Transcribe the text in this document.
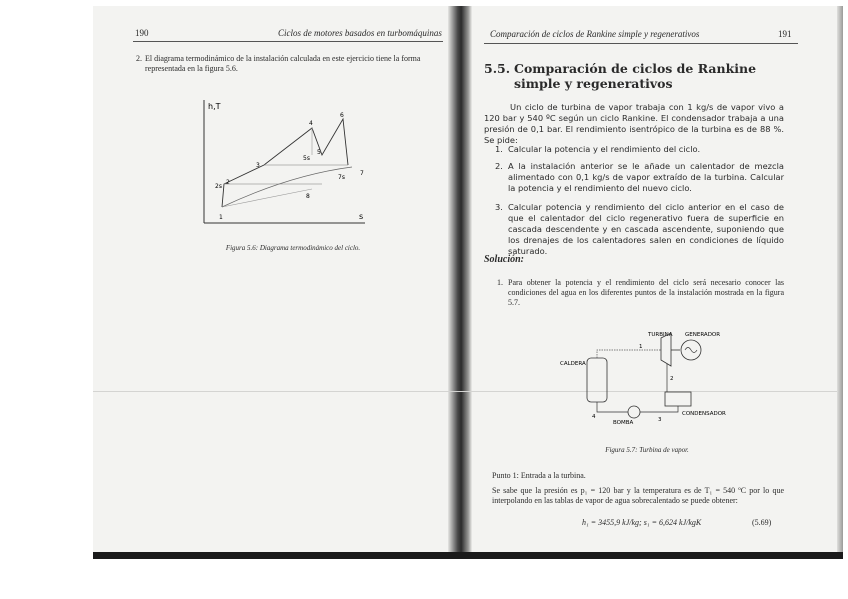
190	Ciclos de motores basados en turbomáquinas
2. El diagrama termodinámico de la instalación calculada en este ejercicio tiene la forma representada en la figura 5.6.
h,T
s
1
2
2s
3
4
5
5s
6
7
7s
8
Figura 5.6: Diagrama termodinámico del ciclo.
Comparación de ciclos de Rankine simple y regenerativos	191
5.5. Comparación de ciclos de Rankine simple y regenerativos
Un ciclo de turbina de vapor trabaja con 1 kg/s de vapor vivo a 120 bar y 540 ºC según un ciclo Rankine. El condensador trabaja a una presión de 0,1 bar. El rendimiento isentrópico de la turbina es de 88 %. Se pide:
1. Calcular la potencia y el rendimiento del ciclo.
2. A la instalación anterior se le añade un calentador de mezcla alimentado con 0,1 kg/s de vapor extraído de la turbina. Calcular la potencia y el rendimiento del nuevo ciclo.
3. Calcular potencia y rendimiento del ciclo anterior en el caso de que el calentador del ciclo regenerativo fuera de superficie en cascada descendente y en cascada ascendente, suponiendo que los drenajes de los calentadores salen en condiciones de líquido saturado.
Solución:
1. Para obtener la potencia y el rendimiento del ciclo será necesario conocer las condiciones del agua en los diferentes puntos de la instalación mostrada en la figura 5.7.
TURBINA GENERADOR
CALDERA
CONDENSADOR
BOMBA
1
2
3
4
Figura 5.7: Turbina de vapor.
Punto 1: Entrada a la turbina.
Se sabe que la presión es p₁ = 120 bar y la temperatura es de T₁ = 540 ºC por lo que interpolando en las tablas de vapor de agua sobrecalentado se puede obtener:
h₁ = 3455,9 kJ/kg; s₁ = 6,624 kJ/kgK	(5.69)
